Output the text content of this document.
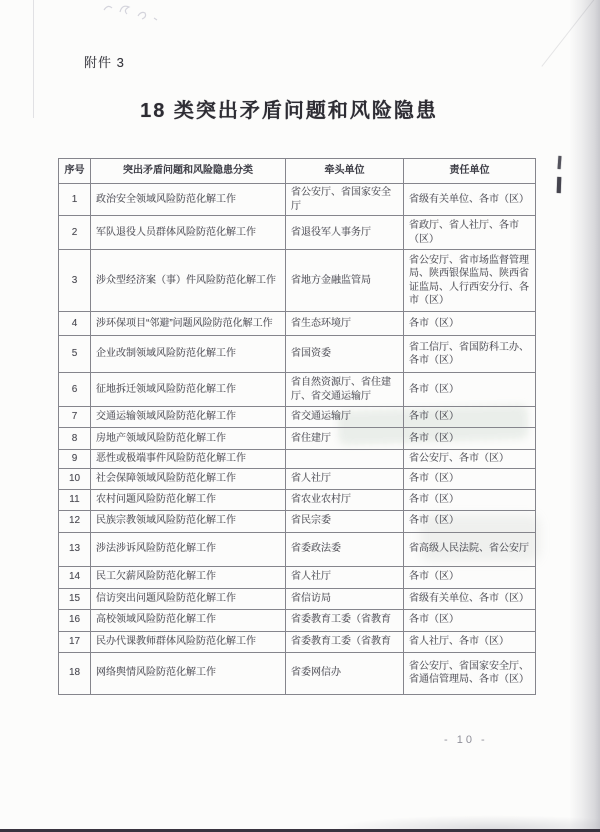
附件 3
18 类突出矛盾问题和风险隐患
序号	突出矛盾问题和风险隐患分类	牵头单位	责任单位
1	政治安全领域风险防范化解工作	省公安厅、省国家安全厅	省级有关单位、各市（区）
2	军队退役人员群体风险防范化解工作	省退役军人事务厅	省政厅、省人社厅、各市（区）
3	涉众型经济案（事）件风险防范化解工作	省地方金融监管局	省公安厅、省市场监督管理局、陕西银保监局、陕西省证监局、人行西安分行、各市（区）
4	涉环保项目“邻避”问题风险防范化解工作	省生态环境厅	各市（区）
5	企业改制领域风险防范化解工作	省国资委	省工信厅、省国防科工办、各市（区）
6	征地拆迁领域风险防范化解工作	省自然资源厅、省住建厅、省交通运输厅	各市（区）
7	交通运输领域风险防范化解工作	省交通运输厅	各市（区）
8	房地产领域风险防范化解工作	省住建厅	各市（区）
9	恶性或极端事件风险防范化解工作		省公安厅、各市（区）
10	社会保障领域风险防范化解工作	省人社厅	各市（区）
11	农村问题风险防范化解工作	省农业农村厅	各市（区）
12	民族宗教领域风险防范化解工作	省民宗委	各市（区）
13	涉法涉诉风险防范化解工作	省委政法委	省高级人民法院、省公安厅
14	民工欠薪风险防范化解工作	省人社厅	各市（区）
15	信访突出问题风险防范化解工作	省信访局	省级有关单位、各市（区）
16	高校领域风险防范化解工作	省委教育工委（省教育	各市（区）
17	民办代课教师群体风险防范化解工作	省委教育工委（省教育	省人社厅、各市（区）
18	网络舆情风险防范化解工作	省委网信办	省公安厅、省国家安全厅、省通信管理局、各市（区）
- 10 -
